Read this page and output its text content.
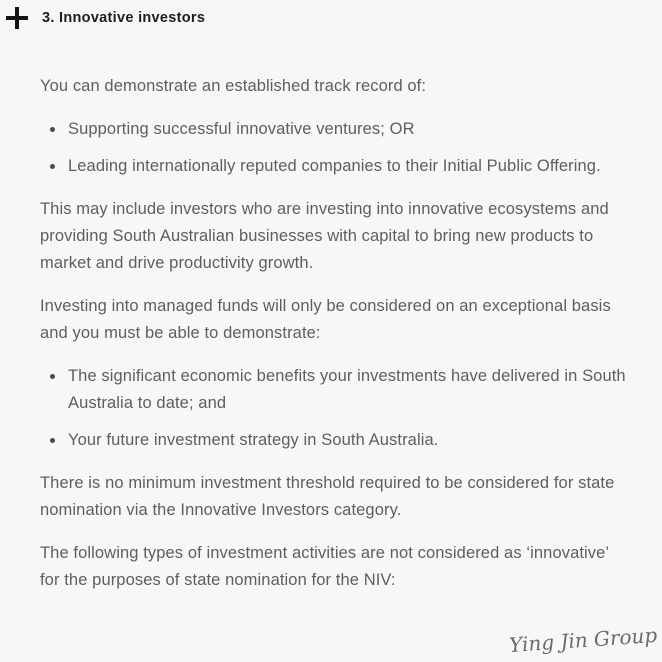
3. Innovative investors

You can demonstrate an established track record of:

Supporting successful innovative ventures; OR
Leading internationally reputed companies to their Initial Public Offering.

This may include investors who are investing into innovative ecosystems and providing South Australian businesses with capital to bring new products to market and drive productivity growth.

Investing into managed funds will only be considered on an exceptional basis and you must be able to demonstrate:

The significant economic benefits your investments have delivered in South Australia to date; and
Your future investment strategy in South Australia.

There is no minimum investment threshold required to be considered for state nomination via the Innovative Investors category.

The following types of investment activities are not considered as ‘innovative’ for the purposes of state nomination for the NIV:

Ying Jin Group
